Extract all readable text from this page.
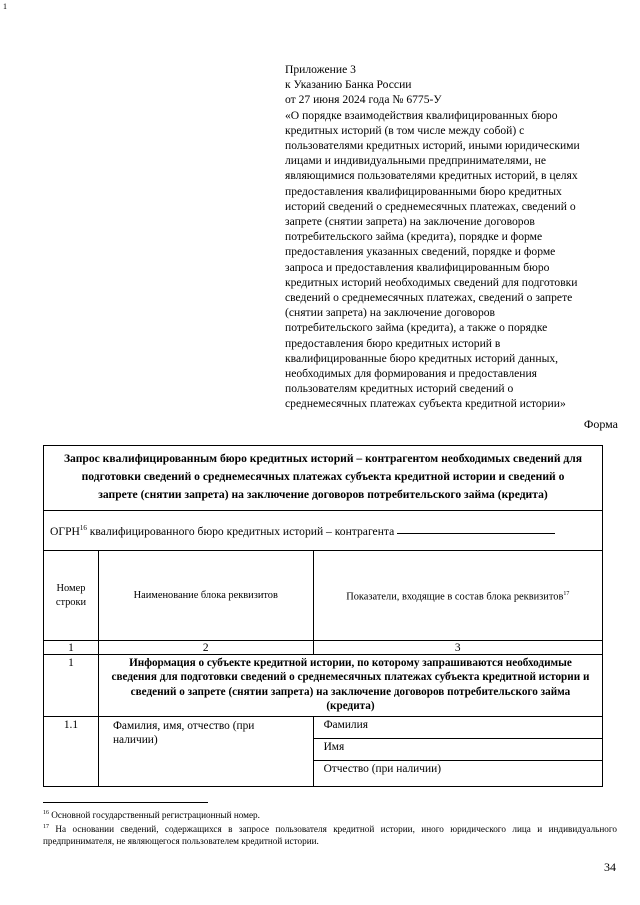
1
Приложение 3
к Указанию Банка России
от 27 июня 2024 года № 6775-У
«О порядке взаимодействия квалифицированных бюро
кредитных историй (в том числе между собой) с
пользователями кредитных историй, иными юридическими
лицами и индивидуальными предпринимателями, не
являющимися пользователями кредитных историй, в целях
предоставления квалифицированными бюро кредитных
историй сведений о среднемесячных платежах, сведений о
запрете (снятии запрета) на заключение договоров
потребительского займа (кредита), порядке и форме
предоставления указанных сведений, порядке и форме
запроса и предоставления квалифицированным бюро
кредитных историй необходимых сведений для подготовки
сведений о среднемесячных платежах, сведений о запрете
(снятии запрета) на заключение договоров
потребительского займа (кредита), а также о порядке
предоставления бюро кредитных историй в
квалифицированные бюро кредитных историй данных,
необходимых для формирования и предоставления
пользователям кредитных историй сведений о
среднемесячных платежах субъекта кредитной истории»
Форма
Запрос квалифицированным бюро кредитных историй – контрагентом необходимых сведений для подготовки сведений о среднемесячных платежах субъекта кредитной истории и сведений о запрете (снятии запрета) на заключение договоров потребительского займа (кредита)		
ОГРН$^{16}$ квалифицированного бюро кредитных историй – контрагента		
Номер строки	Наименование блока реквизитов	Показатели, входящие в состав блока реквизитов$^{17}$
1	2	3
1	Информация о субъекте кредитной истории, по которому запрашиваются необходимые сведения для подготовки сведений о среднемесячных платежах субъекта кредитной истории и сведений о запрете (снятии запрета) на заключение договоров потребительского займа (кредита)	
1.1	Фамилия, имя, отчество (при наличии)	Фамилия
Имя
Отчество (при наличии)
$^{16}$ Основной государственный регистрационный номер.
$^{17}$ На основании сведений, содержащихся в запросе пользователя кредитной истории, иного юридического лица и индивидуального предпринимателя, не являющегося пользователем кредитной истории.
34
